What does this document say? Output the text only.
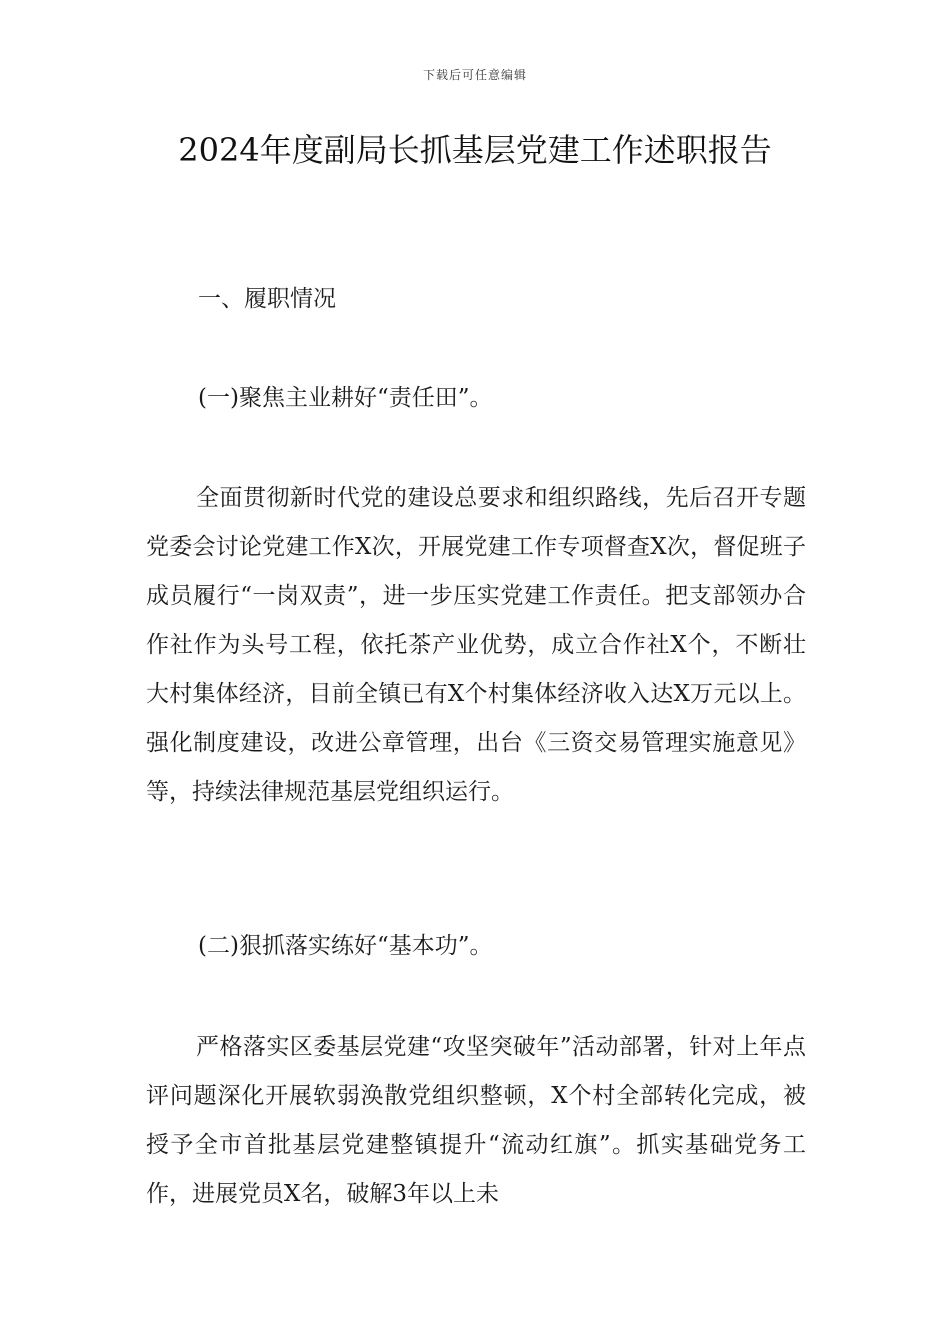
下载后可任意编辑
2024年度副局长抓基层党建工作述职报告
一、履职情况
(一)聚焦主业耕好“责任田”。

全面贯彻新时代党的建设总要求和组织路线，先后召开专题党委会讨论党建工作X次，开展党建工作专项督查X次，督促班子成员履行“一岗双责”，进一步压实党建工作责任。把支部领办合作社作为头号工程，依托茶产业优势，成立合作社X个，不断壮大村集体经济，目前全镇已有X个村集体经济收入达X万元以上。强化制度建设，改进公章管理，出台《三资交易管理实施意见》等，持续法律规范基层党组织运行。

(二)狠抓落实练好“基本功”。

严格落实区委基层党建“攻坚突破年”活动部署，针对上年点评问题深化开展软弱涣散党组织整顿，X个村全部转化完成，被授予全市首批基层党建整镇提升“流动红旗”。抓实基础党务工作，进展党员X名，破解3年以上未
